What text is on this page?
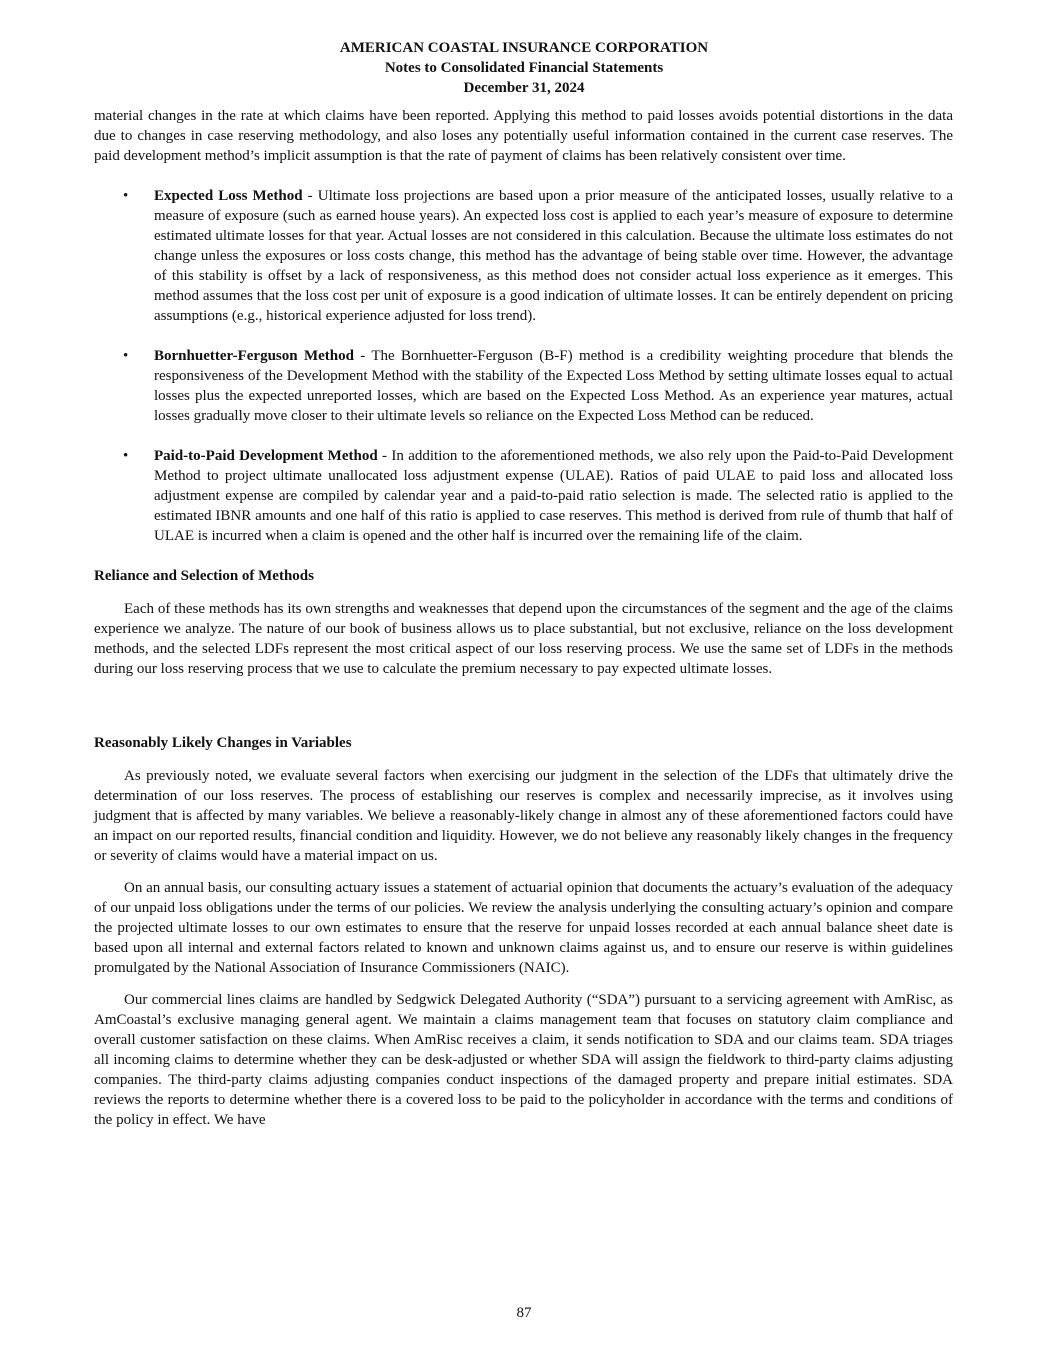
AMERICAN COASTAL INSURANCE CORPORATION
Notes to Consolidated Financial Statements
December 31, 2024

material changes in the rate at which claims have been reported. Applying this method to paid losses avoids potential distortions in the data due to changes in case reserving methodology, and also loses any potentially useful information contained in the current case reserves. The paid development method’s implicit assumption is that the rate of payment of claims has been relatively consistent over time.

• Expected Loss Method - Ultimate loss projections are based upon a prior measure of the anticipated losses, usually relative to a measure of exposure (such as earned house years). An expected loss cost is applied to each year’s measure of exposure to determine estimated ultimate losses for that year. Actual losses are not considered in this calculation. Because the ultimate loss estimates do not change unless the exposures or loss costs change, this method has the advantage of being stable over time. However, the advantage of this stability is offset by a lack of responsiveness, as this method does not consider actual loss experience as it emerges. This method assumes that the loss cost per unit of exposure is a good indication of ultimate losses. It can be entirely dependent on pricing assumptions (e.g., historical experience adjusted for loss trend).
• Bornhuetter-Ferguson Method - The Bornhuetter-Ferguson (B-F) method is a credibility weighting procedure that blends the responsiveness of the Development Method with the stability of the Expected Loss Method by setting ultimate losses equal to actual losses plus the expected unreported losses, which are based on the Expected Loss Method. As an experience year matures, actual losses gradually move closer to their ultimate levels so reliance on the Expected Loss Method can be reduced.
• Paid-to-Paid Development Method - In addition to the aforementioned methods, we also rely upon the Paid-to-Paid Development Method to project ultimate unallocated loss adjustment expense (ULAE). Ratios of paid ULAE to paid loss and allocated loss adjustment expense are compiled by calendar year and a paid-to-paid ratio selection is made. The selected ratio is applied to the estimated IBNR amounts and one half of this ratio is applied to case reserves. This method is derived from rule of thumb that half of ULAE is incurred when a claim is opened and the other half is incurred over the remaining life of the claim.
Reliance and Selection of Methods

Each of these methods has its own strengths and weaknesses that depend upon the circumstances of the segment and the age of the claims experience we analyze. The nature of our book of business allows us to place substantial, but not exclusive, reliance on the loss development methods, and the selected LDFs represent the most critical aspect of our loss reserving process. We use the same set of LDFs in the methods during our loss reserving process that we use to calculate the premium necessary to pay expected ultimate losses.

Reasonably Likely Changes in Variables

As previously noted, we evaluate several factors when exercising our judgment in the selection of the LDFs that ultimately drive the determination of our loss reserves. The process of establishing our reserves is complex and necessarily imprecise, as it involves using judgment that is affected by many variables. We believe a reasonably-likely change in almost any of these aforementioned factors could have an impact on our reported results, financial condition and liquidity. However, we do not believe any reasonably likely changes in the frequency or severity of claims would have a material impact on us.

On an annual basis, our consulting actuary issues a statement of actuarial opinion that documents the actuary’s evaluation of the adequacy of our unpaid loss obligations under the terms of our policies. We review the analysis underlying the consulting actuary’s opinion and compare the projected ultimate losses to our own estimates to ensure that the reserve for unpaid losses recorded at each annual balance sheet date is based upon all internal and external factors related to known and unknown claims against us, and to ensure our reserve is within guidelines promulgated by the National Association of Insurance Commissioners (NAIC).

Our commercial lines claims are handled by Sedgwick Delegated Authority (“SDA”) pursuant to a servicing agreement with AmRisc, as AmCoastal’s exclusive managing general agent. We maintain a claims management team that focuses on statutory claim compliance and overall customer satisfaction on these claims. When AmRisc receives a claim, it sends notification to SDA and our claims team. SDA triages all incoming claims to determine whether they can be desk-adjusted or whether SDA will assign the fieldwork to third-party claims adjusting companies. The third-party claims adjusting companies conduct inspections of the damaged property and prepare initial estimates. SDA reviews the reports to determine whether there is a covered loss to be paid to the policyholder in accordance with the terms and conditions of the policy in effect. We have

87
